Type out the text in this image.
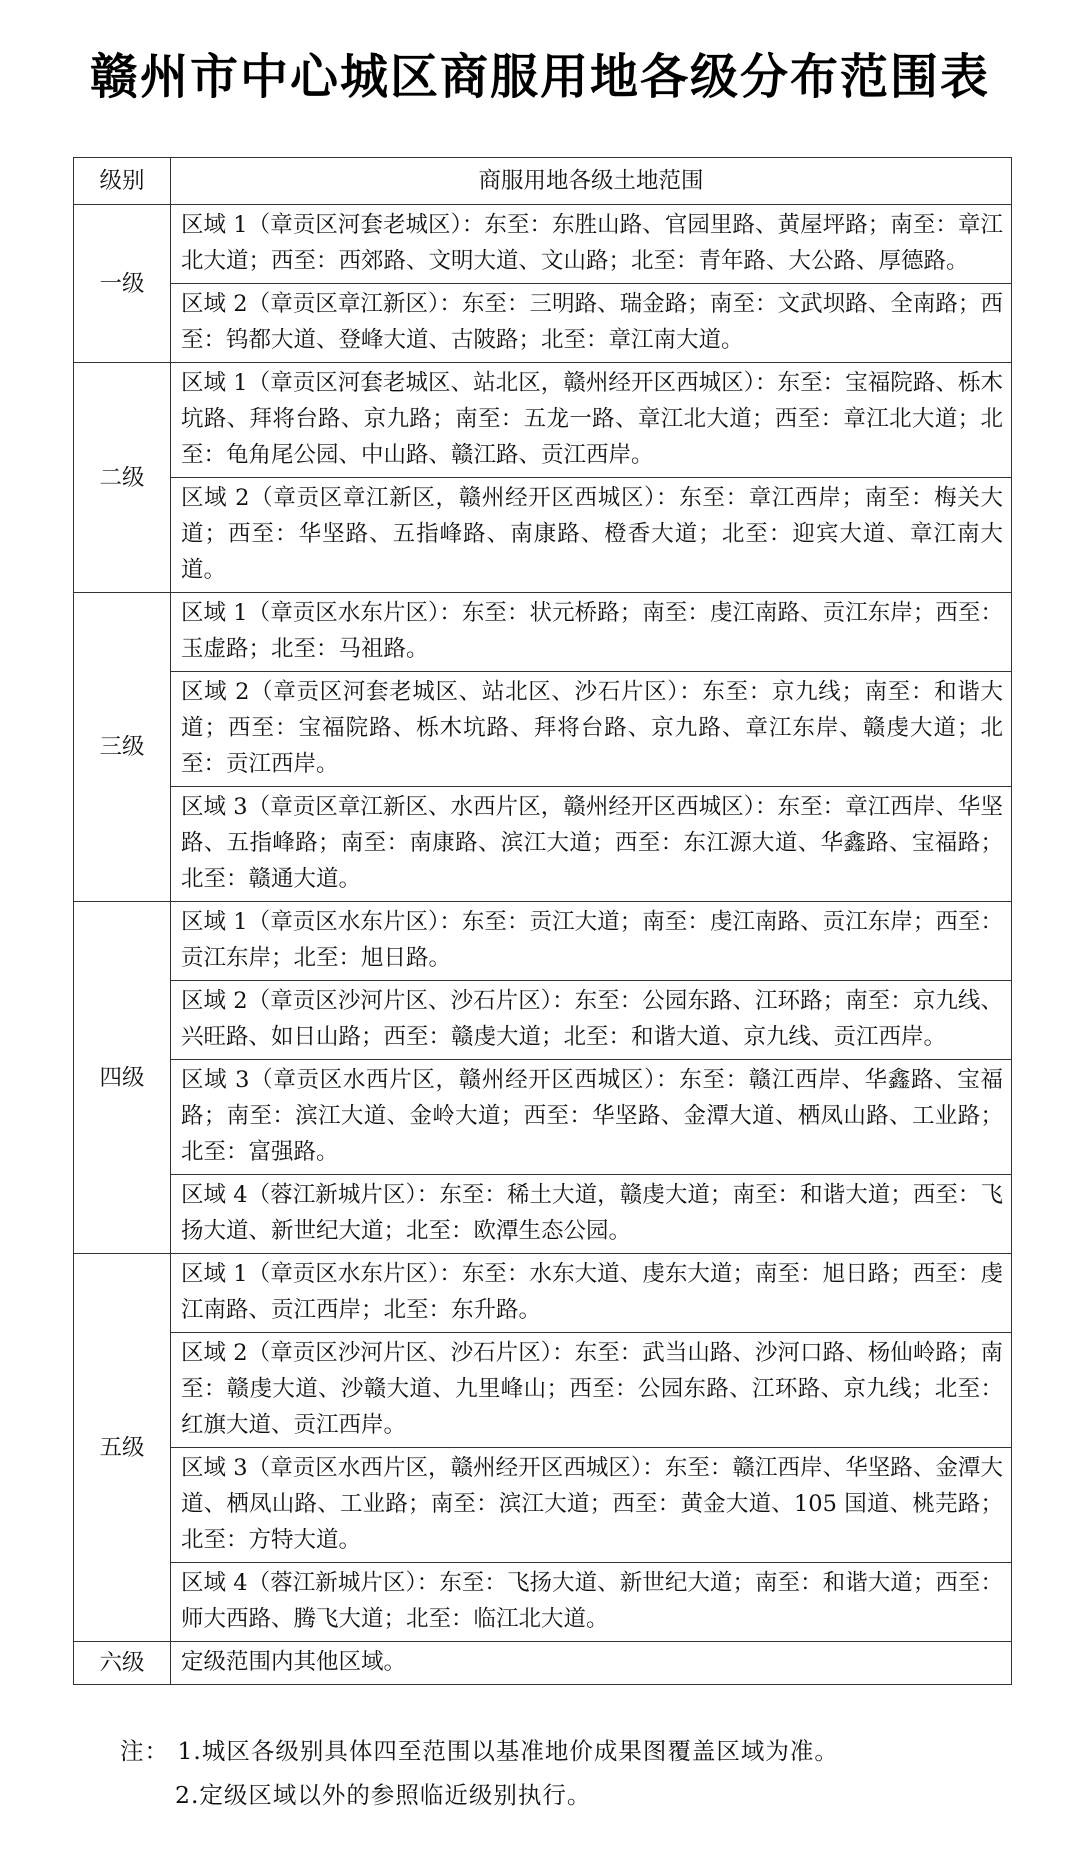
赣州市中心城区商服用地各级分布范围表
级别	商服用地各级土地范围
一级	区域 1（章贡区河套老城区）：东至：东胜山路、官园里路、黄屋坪路；南至：章江北大道；西至：西郊路、文明大道、文山路；北至：青年路、大公路、厚德路。
	区域 2（章贡区章江新区）：东至：三明路、瑞金路；南至：文武坝路、全南路；西至：钨都大道、登峰大道、古陂路；北至：章江南大道。
二级	区域 1（章贡区河套老城区、站北区，赣州经开区西城区）：东至：宝福院路、栎木坑路、拜将台路、京九路；南至：五龙一路、章江北大道；西至：章江北大道；北至：龟角尾公园、中山路、赣江路、贡江西岸。
	区域 2（章贡区章江新区，赣州经开区西城区）：东至：章江西岸；南至：梅关大道；西至：华坚路、五指峰路、南康路、橙香大道；北至：迎宾大道、章江南大道。
三级	区域 1（章贡区水东片区）：东至：状元桥路；南至：虔江南路、贡江东岸；西至：玉虚路；北至：马祖路。
	区域 2（章贡区河套老城区、站北区、沙石片区）：东至：京九线；南至：和谐大道；西至：宝福院路、栎木坑路、拜将台路、京九路、章江东岸、赣虔大道；北至：贡江西岸。
	区域 3（章贡区章江新区、水西片区，赣州经开区西城区）：东至：章江西岸、华坚路、五指峰路；南至：南康路、滨江大道；西至：东江源大道、华鑫路、宝福路；北至：赣通大道。
四级	区域 1（章贡区水东片区）：东至：贡江大道；南至：虔江南路、贡江东岸；西至：贡江东岸；北至：旭日路。
	区域 2（章贡区沙河片区、沙石片区）：东至：公园东路、江环路；南至：京九线、兴旺路、如日山路；西至：赣虔大道；北至：和谐大道、京九线、贡江西岸。
	区域 3（章贡区水西片区，赣州经开区西城区）：东至：赣江西岸、华鑫路、宝福路；南至：滨江大道、金岭大道；西至：华坚路、金潭大道、栖凤山路、工业路；北至：富强路。
	区域 4（蓉江新城片区）：东至：稀土大道，赣虔大道；南至：和谐大道；西至：飞扬大道、新世纪大道；北至：欧潭生态公园。
五级	区域 1（章贡区水东片区）：东至：水东大道、虔东大道；南至：旭日路；西至：虔江南路、贡江西岸；北至：东升路。
	区域 2（章贡区沙河片区、沙石片区）：东至：武当山路、沙河口路、杨仙岭路；南至：赣虔大道、沙赣大道、九里峰山；西至：公园东路、江环路、京九线；北至：红旗大道、贡江西岸。
	区域 3（章贡区水西片区，赣州经开区西城区）：东至：赣江西岸、华坚路、金潭大道、栖凤山路、工业路；南至：滨江大道；西至：黄金大道、105 国道、桃芫路；北至：方特大道。
	区域 4（蓉江新城片区）：东至：飞扬大道、新世纪大道；南至：和谐大道；西至：师大西路、腾飞大道；北至：临江北大道。
六级	定级范围内其他区域。
注： 1.城区各级别具体四至范围以基准地价成果图覆盖区域为准。
2.定级区域以外的参照临近级别执行。
